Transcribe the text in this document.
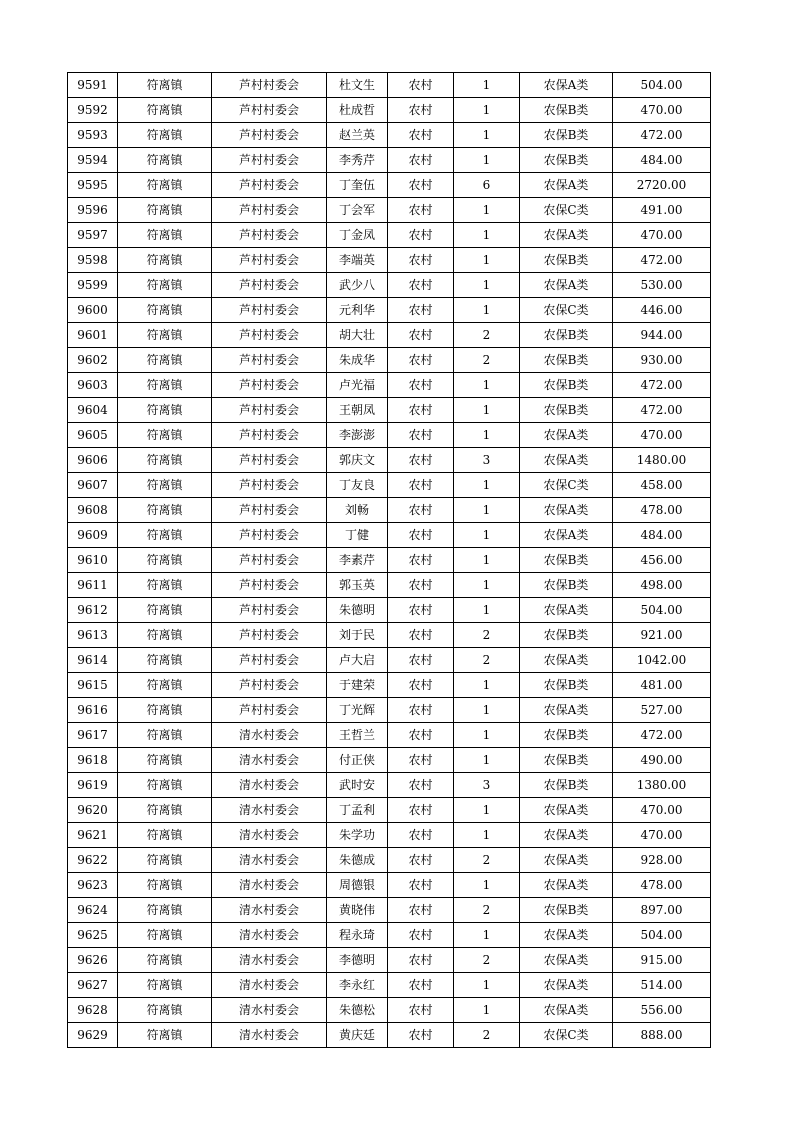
9591	符离镇	芦村村委会	杜文生	农村	1	农保A类	504.00
9592	符离镇	芦村村委会	杜成哲	农村	1	农保B类	470.00
9593	符离镇	芦村村委会	赵兰英	农村	1	农保B类	472.00
9594	符离镇	芦村村委会	李秀芹	农村	1	农保B类	484.00
9595	符离镇	芦村村委会	丁奎伍	农村	6	农保A类	2720.00
9596	符离镇	芦村村委会	丁会军	农村	1	农保C类	491.00
9597	符离镇	芦村村委会	丁金凤	农村	1	农保A类	470.00
9598	符离镇	芦村村委会	李端英	农村	1	农保B类	472.00
9599	符离镇	芦村村委会	武少八	农村	1	农保A类	530.00
9600	符离镇	芦村村委会	元利华	农村	1	农保C类	446.00
9601	符离镇	芦村村委会	胡大壮	农村	2	农保B类	944.00
9602	符离镇	芦村村委会	朱成华	农村	2	农保B类	930.00
9603	符离镇	芦村村委会	卢光福	农村	1	农保B类	472.00
9604	符离镇	芦村村委会	王朝凤	农村	1	农保B类	472.00
9605	符离镇	芦村村委会	李澎澎	农村	1	农保A类	470.00
9606	符离镇	芦村村委会	郭庆文	农村	3	农保A类	1480.00
9607	符离镇	芦村村委会	丁友良	农村	1	农保C类	458.00
9608	符离镇	芦村村委会	刘畅	农村	1	农保A类	478.00
9609	符离镇	芦村村委会	丁健	农村	1	农保A类	484.00
9610	符离镇	芦村村委会	李素芹	农村	1	农保B类	456.00
9611	符离镇	芦村村委会	郭玉英	农村	1	农保B类	498.00
9612	符离镇	芦村村委会	朱德明	农村	1	农保A类	504.00
9613	符离镇	芦村村委会	刘于民	农村	2	农保B类	921.00
9614	符离镇	芦村村委会	卢大启	农村	2	农保A类	1042.00
9615	符离镇	芦村村委会	于建荣	农村	1	农保B类	481.00
9616	符离镇	芦村村委会	丁光辉	农村	1	农保A类	527.00
9617	符离镇	清水村委会	王哲兰	农村	1	农保B类	472.00
9618	符离镇	清水村委会	付正侠	农村	1	农保B类	490.00
9619	符离镇	清水村委会	武时安	农村	3	农保B类	1380.00
9620	符离镇	清水村委会	丁孟利	农村	1	农保A类	470.00
9621	符离镇	清水村委会	朱学功	农村	1	农保A类	470.00
9622	符离镇	清水村委会	朱德成	农村	2	农保A类	928.00
9623	符离镇	清水村委会	周德银	农村	1	农保A类	478.00
9624	符离镇	清水村委会	黄晓伟	农村	2	农保B类	897.00
9625	符离镇	清水村委会	程永琦	农村	1	农保A类	504.00
9626	符离镇	清水村委会	李德明	农村	2	农保A类	915.00
9627	符离镇	清水村委会	李永红	农村	1	农保A类	514.00
9628	符离镇	清水村委会	朱德松	农村	1	农保A类	556.00
9629	符离镇	清水村委会	黄庆廷	农村	2	农保C类	888.00
